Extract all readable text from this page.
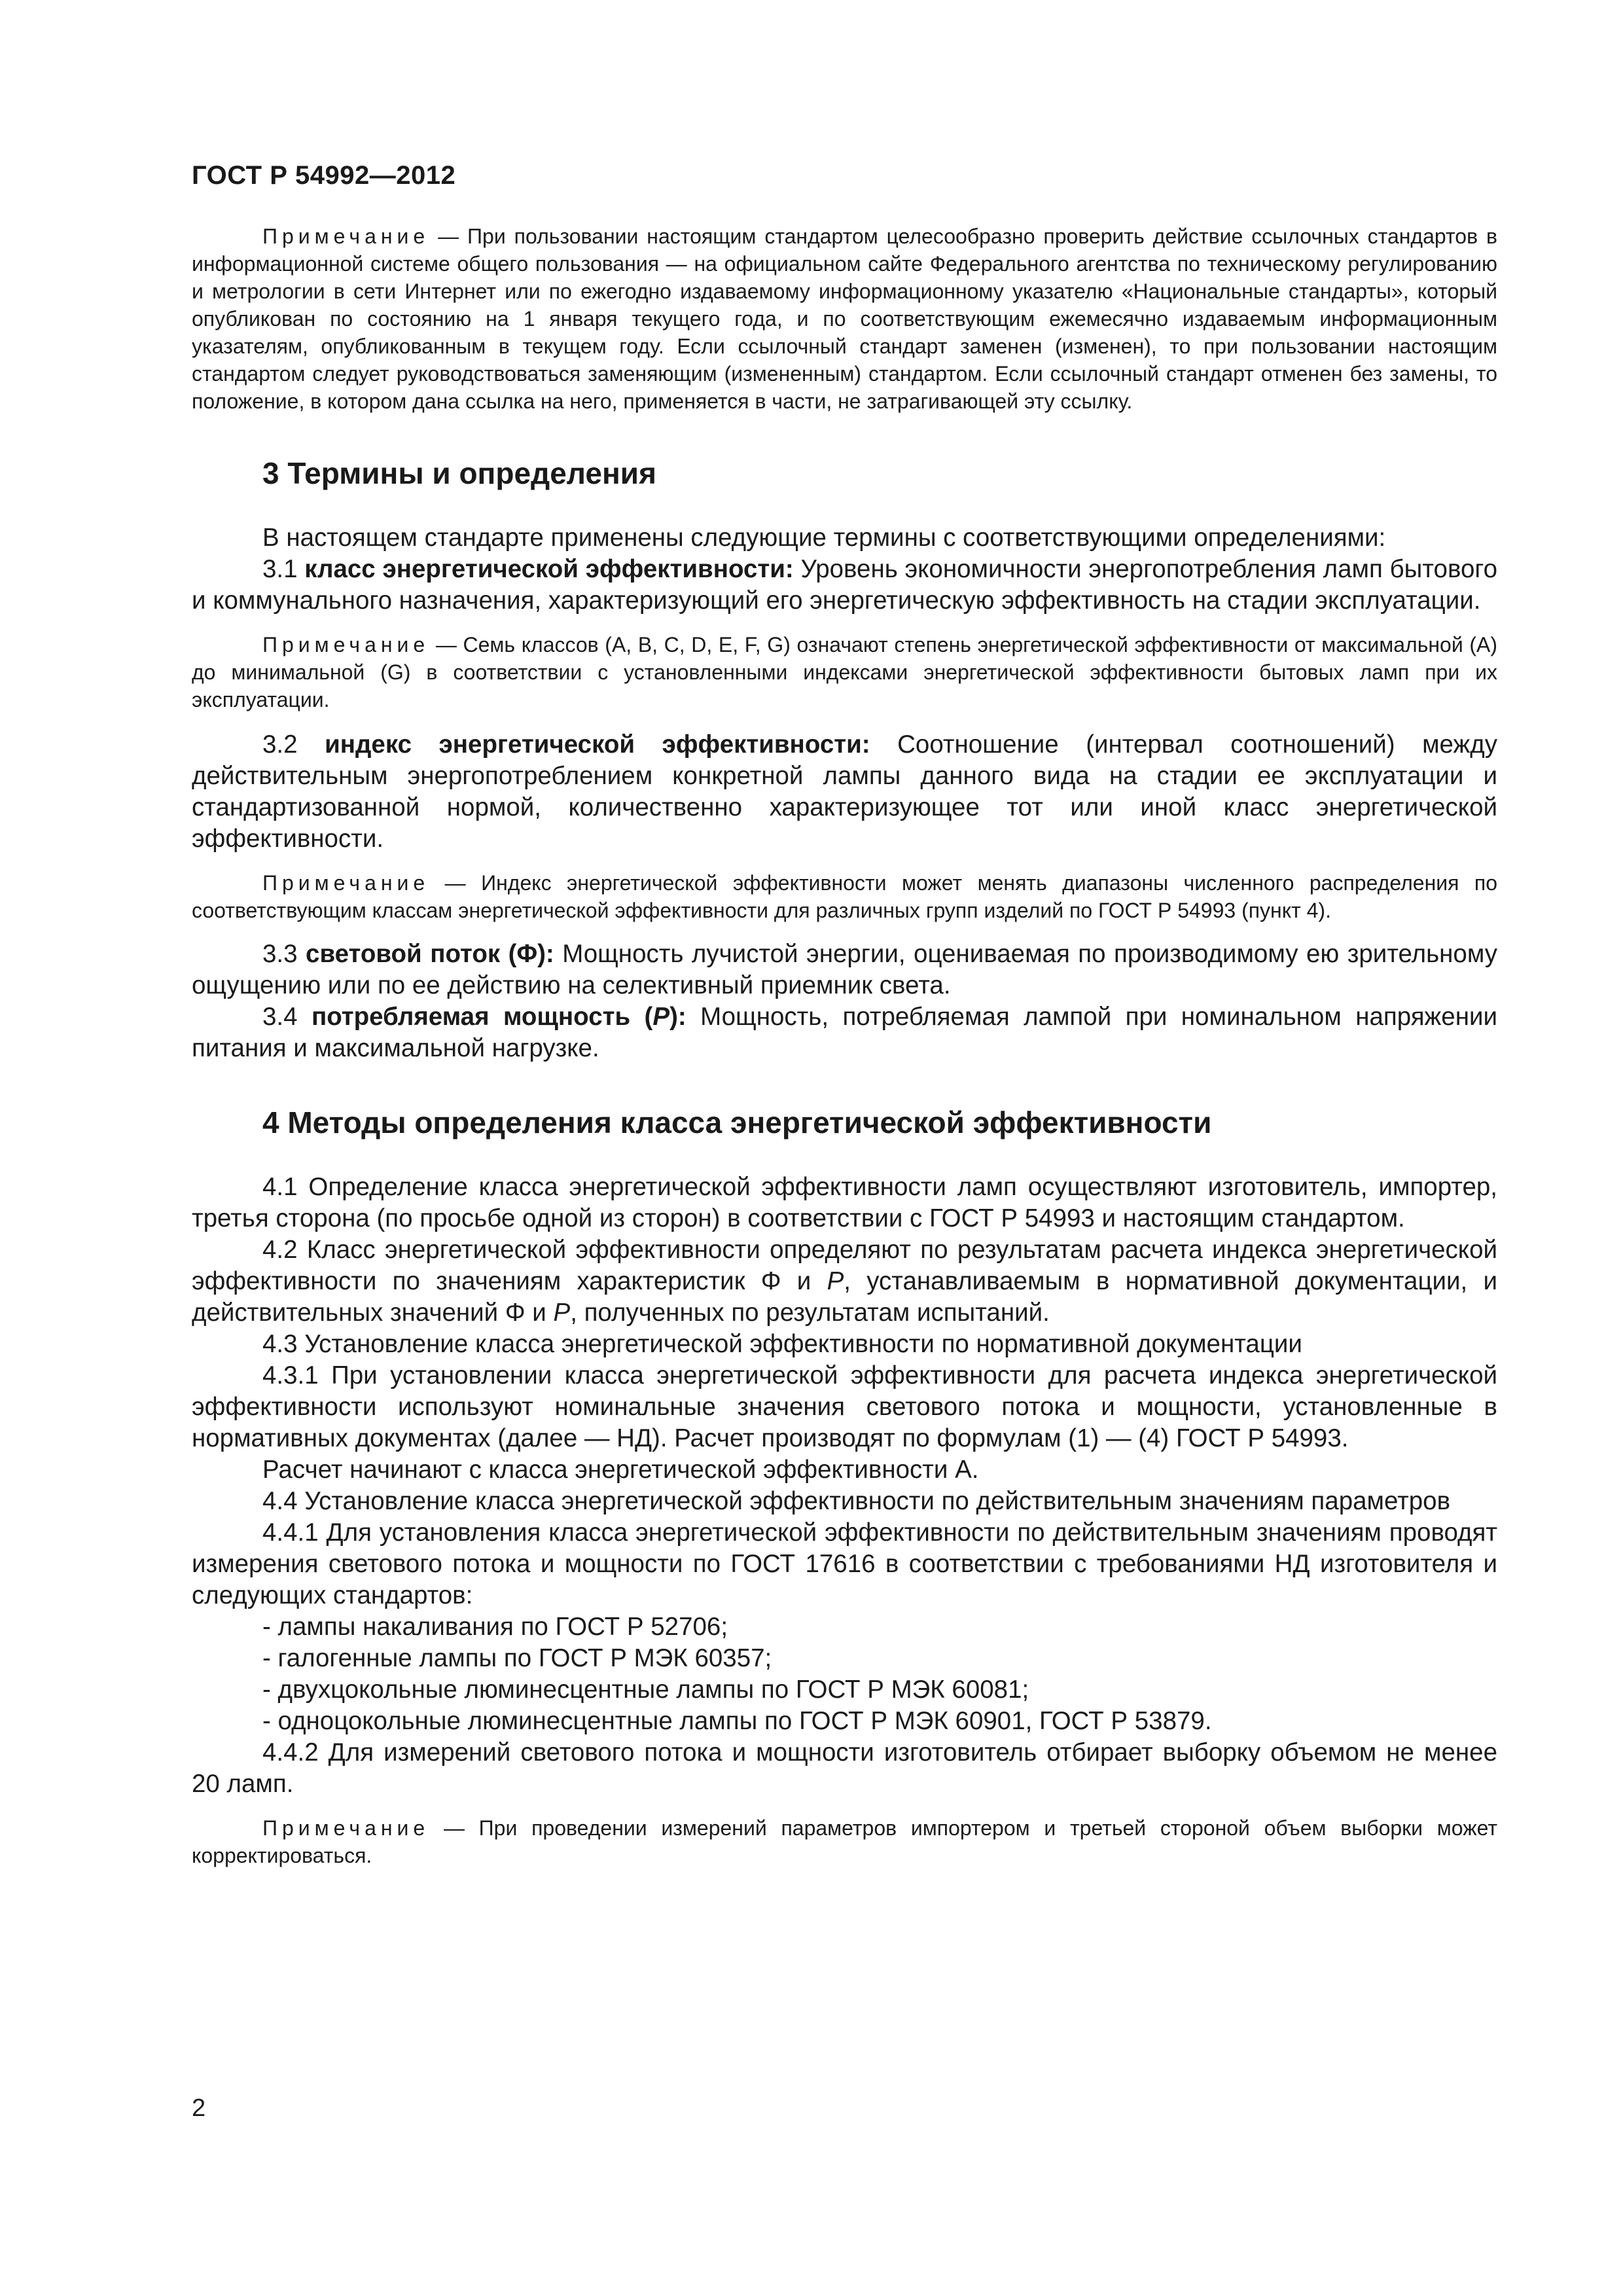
ГОСТ Р 54992—2012

Примечание — При пользовании настоящим стандартом целесообразно проверить действие ссылочных стандартов в информационной системе общего пользования — на официальном сайте Федерального агентства по техническому регулированию и метрологии в сети Интернет или по ежегодно издаваемому информационному указателю «Национальные стандарты», который опубликован по состоянию на 1 января текущего года, и по соответствующим ежемесячно издаваемым информационным указателям, опубликованным в текущем году. Если ссылочный стандарт заменен (изменен), то при пользовании настоящим стандартом следует руководствоваться заменяющим (измененным) стандартом. Если ссылочный стандарт отменен без замены, то положение, в котором дана ссылка на него, применяется в части, не затрагивающей эту ссылку.

3 Термины и определения

В настоящем стандарте применены следующие термины с соответствующими определениями:

3.1 класс энергетической эффективности: Уровень экономичности энергопотребления ламп бытового и коммунального назначения, характеризующий его энергетическую эффективность на стадии эксплуатации.

Примечание — Семь классов (A, B, C, D, E, F, G) означают степень энергетической эффективности от максимальной (A) до минимальной (G) в соответствии с установленными индексами энергетической эффективности бытовых ламп при их эксплуатации.

3.2 индекс энергетической эффективности: Соотношение (интервал соотношений) между действительным энергопотреблением конкретной лампы данного вида на стадии ее эксплуатации и стандартизованной нормой, количественно характеризующее тот или иной класс энергетической эффективности.

Примечание — Индекс энергетической эффективности может менять диапазоны численного распределения по соответствующим классам энергетической эффективности для различных групп изделий по ГОСТ Р 54993 (пункт 4).

3.3 световой поток (Φ): Мощность лучистой энергии, оцениваемая по производимому ею зрительному ощущению или по ее действию на селективный приемник света.

3.4 потребляемая мощность (P): Мощность, потребляемая лампой при номинальном напряжении питания и максимальной нагрузке.

4 Методы определения класса энергетической эффективности

4.1 Определение класса энергетической эффективности ламп осуществляют изготовитель, импортер, третья сторона (по просьбе одной из сторон) в соответствии с ГОСТ Р 54993 и настоящим стандартом.

4.2 Класс энергетической эффективности определяют по результатам расчета индекса энергетической эффективности по значениям характеристик Φ и P, устанавливаемым в нормативной документации, и действительных значений Φ и P, полученных по результатам испытаний.

4.3 Установление класса энергетической эффективности по нормативной документации

4.3.1 При установлении класса энергетической эффективности для расчета индекса энергетической эффективности используют номинальные значения светового потока и мощности, установленные в нормативных документах (далее — НД). Расчет производят по формулам (1) — (4) ГОСТ Р 54993.

Расчет начинают с класса энергетической эффективности А.

4.4 Установление класса энергетической эффективности по действительным значениям параметров

4.4.1 Для установления класса энергетической эффективности по действительным значениям проводят измерения светового потока и мощности по ГОСТ 17616 в соответствии с требованиями НД изготовителя и следующих стандартов:

- лампы накаливания по ГОСТ Р 52706;

- галогенные лампы по ГОСТ Р МЭК 60357;

- двухцокольные люминесцентные лампы по ГОСТ Р МЭК 60081;

- одноцокольные люминесцентные лампы по ГОСТ Р МЭК 60901, ГОСТ Р 53879.

4.4.2 Для измерений светового потока и мощности изготовитель отбирает выборку объемом не менее 20 ламп.

Примечание — При проведении измерений параметров импортером и третьей стороной объем выборки может корректироваться.

2
